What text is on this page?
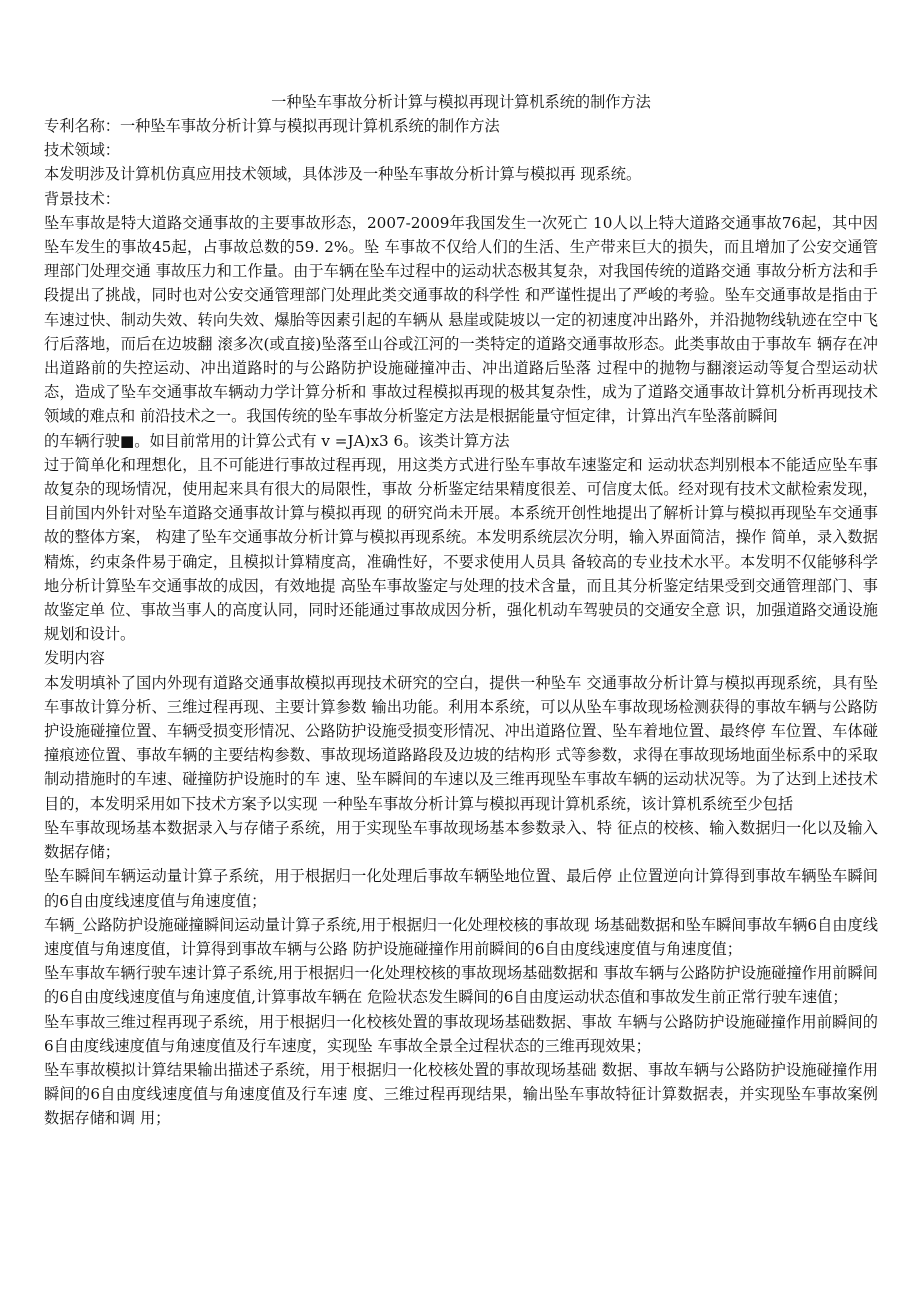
一种坠车事故分析计算与模拟再现计算机系统的制作方法

专利名称：一种坠车事故分析计算与模拟再现计算机系统的制作方法

技术领域：

本发明涉及计算机仿真应用技术领域，具体涉及一种坠车事故分析计算与模拟再 现系统。

背景技术：

坠车事故是特大道路交通事故的主要事故形态，2007-2009年我国发生一次死亡 10人以上特大道路交通事故76起，其中因坠车发生的事故45起，占事故总数的59. 2%。坠 车事故不仅给人们的生活、生产带来巨大的损失，而且增加了公安交通管理部门处理交通 事故压力和工作量。由于车辆在坠车过程中的运动状态极其复杂，对我国传统的道路交通 事故分析方法和手段提出了挑战，同时也对公安交通管理部门处理此类交通事故的科学性 和严谨性提出了严峻的考验。坠车交通事故是指由于车速过快、制动失效、转向失效、爆胎等因素引起的车辆从 悬崖或陡坡以一定的初速度冲出路外，并沿抛物线轨迹在空中飞行后落地，而后在边坡翻 滚多次(或直接)坠落至山谷或江河的一类特定的道路交通事故形态。此类事故由于事故车 辆存在冲出道路前的失控运动、冲出道路时的与公路防护设施碰撞冲击、冲出道路后坠落 过程中的抛物与翻滚运动等复合型运动状态，造成了坠车交通事故车辆动力学计算分析和 事故过程模拟再现的极其复杂性，成为了道路交通事故计算机分析再现技术领域的难点和 前沿技术之一。我国传统的坠车事故分析鉴定方法是根据能量守恒定律，计算出汽车坠落前瞬间

的车辆行驶■。如目前常用的计算公式有 v =JA)x3 6。该类计算方法

过于简单化和理想化，且不可能进行事故过程再现，用这类方式进行坠车事故车速鉴定和 运动状态判别根本不能适应坠车事故复杂的现场情况，使用起来具有很大的局限性，事故 分析鉴定结果精度很差、可信度太低。经对现有技术文献检索发现，目前国内外针对坠车道路交通事故计算与模拟再现 的研究尚未开展。本系统开创性地提出了解析计算与模拟再现坠车交通事故的整体方案， 构建了坠车交通事故分析计算与模拟再现系统。本发明系统层次分明，输入界面简洁，操作 简单，录入数据精炼，约束条件易于确定，且模拟计算精度高，准确性好，不要求使用人员具 备较高的专业技术水平。本发明不仅能够科学地分析计算坠车交通事故的成因，有效地提 高坠车事故鉴定与处理的技术含量，而且其分析鉴定结果受到交通管理部门、事故鉴定单 位、事故当事人的高度认同，同时还能通过事故成因分析，强化机动车驾驶员的交通安全意 识，加强道路交通设施规划和设计。

发明内容

本发明填补了国内外现有道路交通事故模拟再现技术研究的空白，提供一种坠车 交通事故分析计算与模拟再现系统，具有坠车事故计算分析、三维过程再现、主要计算参数 输出功能。利用本系统，可以从坠车事故现场检测获得的事故车辆与公路防护设施碰撞位置、车辆受损变形情况、公路防护设施受损变形情况、冲出道路位置、坠车着地位置、最终停 车位置、车体碰撞痕迹位置、事故车辆的主要结构参数、事故现场道路路段及边坡的结构形 式等参数，求得在事故现场地面坐标系中的采取制动措施时的车速、碰撞防护设施时的车 速、坠车瞬间的车速以及三维再现坠车事故车辆的运动状况等。为了达到上述技术目的，本发明采用如下技术方案予以实现 一种坠车事故分析计算与模拟再现计算机系统，该计算机系统至少包括

坠车事故现场基本数据录入与存储子系统，用于实现坠车事故现场基本参数录入、特 征点的校核、输入数据归一化以及输入数据存储；

坠车瞬间车辆运动量计算子系统，用于根据归一化处理后事故车辆坠地位置、最后停 止位置逆向计算得到事故车辆坠车瞬间的6自由度线速度值与角速度值；

车辆_公路防护设施碰撞瞬间运动量计算子系统,用于根据归一化处理校核的事故现 场基础数据和坠车瞬间事故车辆6自由度线速度值与角速度值，计算得到事故车辆与公路 防护设施碰撞作用前瞬间的6自由度线速度值与角速度值；

坠车事故车辆行驶车速计算子系统,用于根据归一化处理校核的事故现场基础数据和 事故车辆与公路防护设施碰撞作用前瞬间的6自由度线速度值与角速度值,计算事故车辆在 危险状态发生瞬间的6自由度运动状态值和事故发生前正常行驶车速值；

坠车事故三维过程再现子系统，用于根据归一化校核处置的事故现场基础数据、事故 车辆与公路防护设施碰撞作用前瞬间的6自由度线速度值与角速度值及行车速度，实现坠 车事故全景全过程状态的三维再现效果；

坠车事故模拟计算结果输出描述子系统，用于根据归一化校核处置的事故现场基础 数据、事故车辆与公路防护设施碰撞作用瞬间的6自由度线速度值与角速度值及行车速 度、三维过程再现结果，输出坠车事故特征计算数据表，并实现坠车事故案例数据存储和调 用；
